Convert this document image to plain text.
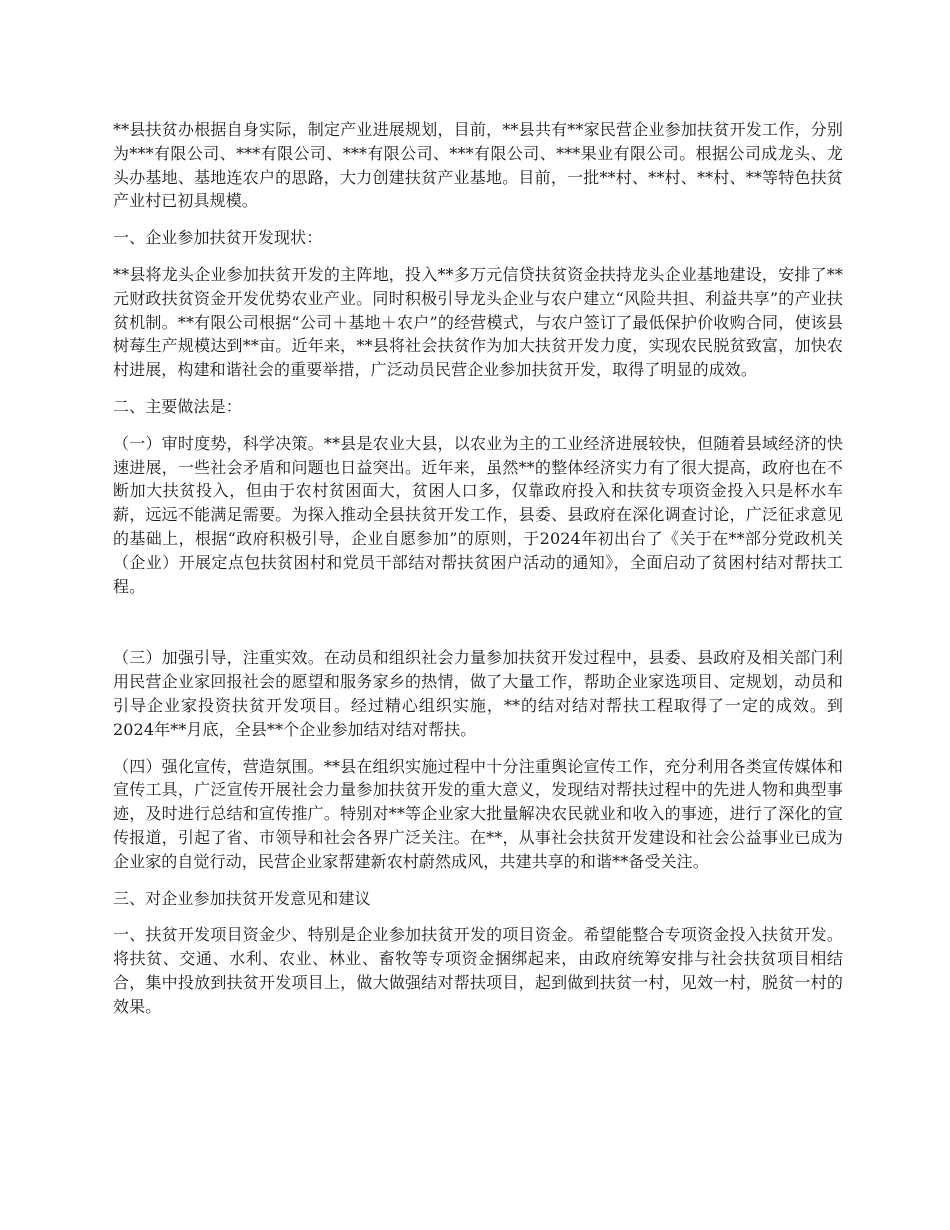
**县扶贫办根据自身实际，制定产业进展规划，目前，**县共有**家民营企业参加扶贫开发工作，分别为***有限公司、***有限公司、***有限公司、***有限公司、***果业有限公司。根据公司成龙头、龙头办基地、基地连农户的思路，大力创建扶贫产业基地。目前，一批**村、**村、**村、**等特色扶贫产业村已初具规模。

一、企业参加扶贫开发现状：

**县将龙头企业参加扶贫开发的主阵地，投入**多万元信贷扶贫资金扶持龙头企业基地建设，安排了**元财政扶贫资金开发优势农业产业。同时积极引导龙头企业与农户建立“风险共担、利益共享”的产业扶贫机制。**有限公司根据“公司＋基地＋农户”的经营模式，与农户签订了最低保护价收购合同，使该县树莓生产规模达到**亩。近年来，**县将社会扶贫作为加大扶贫开发力度，实现农民脱贫致富，加快农村进展，构建和谐社会的重要举措，广泛动员民营企业参加扶贫开发，取得了明显的成效。

二、主要做法是：

（一）审时度势，科学决策。**县是农业大县，以农业为主的工业经济进展较快，但随着县域经济的快速进展，一些社会矛盾和问题也日益突出。近年来，虽然**的整体经济实力有了很大提高，政府也在不断加大扶贫投入，但由于农村贫困面大，贫困人口多，仅靠政府投入和扶贫专项资金投入只是杯水车薪，远远不能满足需要。为探入推动全县扶贫开发工作，县委、县政府在深化调查讨论，广泛征求意见的基础上，根据“政府积极引导，企业自愿参加”的原则，于2024年初出台了《关于在**部分党政机关（企业）开展定点包扶贫困村和党员干部结对帮扶贫困户活动的通知》，全面启动了贫困村结对帮扶工程。

（三）加强引导，注重实效。在动员和组织社会力量参加扶贫开发过程中，县委、县政府及相关部门利用民营企业家回报社会的愿望和服务家乡的热情，做了大量工作，帮助企业家选项目、定规划，动员和引导企业家投资扶贫开发项目。经过精心组织实施，**的结对结对帮扶工程取得了一定的成效。到2024年**月底，全县**个企业参加结对结对帮扶。

（四）强化宣传，营造氛围。**县在组织实施过程中十分注重舆论宣传工作，充分利用各类宣传媒体和宣传工具，广泛宣传开展社会力量参加扶贫开发的重大意义，发现结对帮扶过程中的先进人物和典型事迹，及时进行总结和宣传推广。特别对**等企业家大批量解决农民就业和收入的事迹，进行了深化的宣传报道，引起了省、市领导和社会各界广泛关注。在**，从事社会扶贫开发建设和社会公益事业已成为企业家的自觉行动，民营企业家帮建新农村蔚然成风，共建共享的和谐**备受关注。

三、对企业参加扶贫开发意见和建议

一、扶贫开发项目资金少、特别是企业参加扶贫开发的项目资金。希望能整合专项资金投入扶贫开发。将扶贫、交通、水利、农业、林业、畜牧等专项资金捆绑起来，由政府统筹安排与社会扶贫项目相结合，集中投放到扶贫开发项目上，做大做强结对帮扶项目，起到做到扶贫一村，见效一村，脱贫一村的效果。
